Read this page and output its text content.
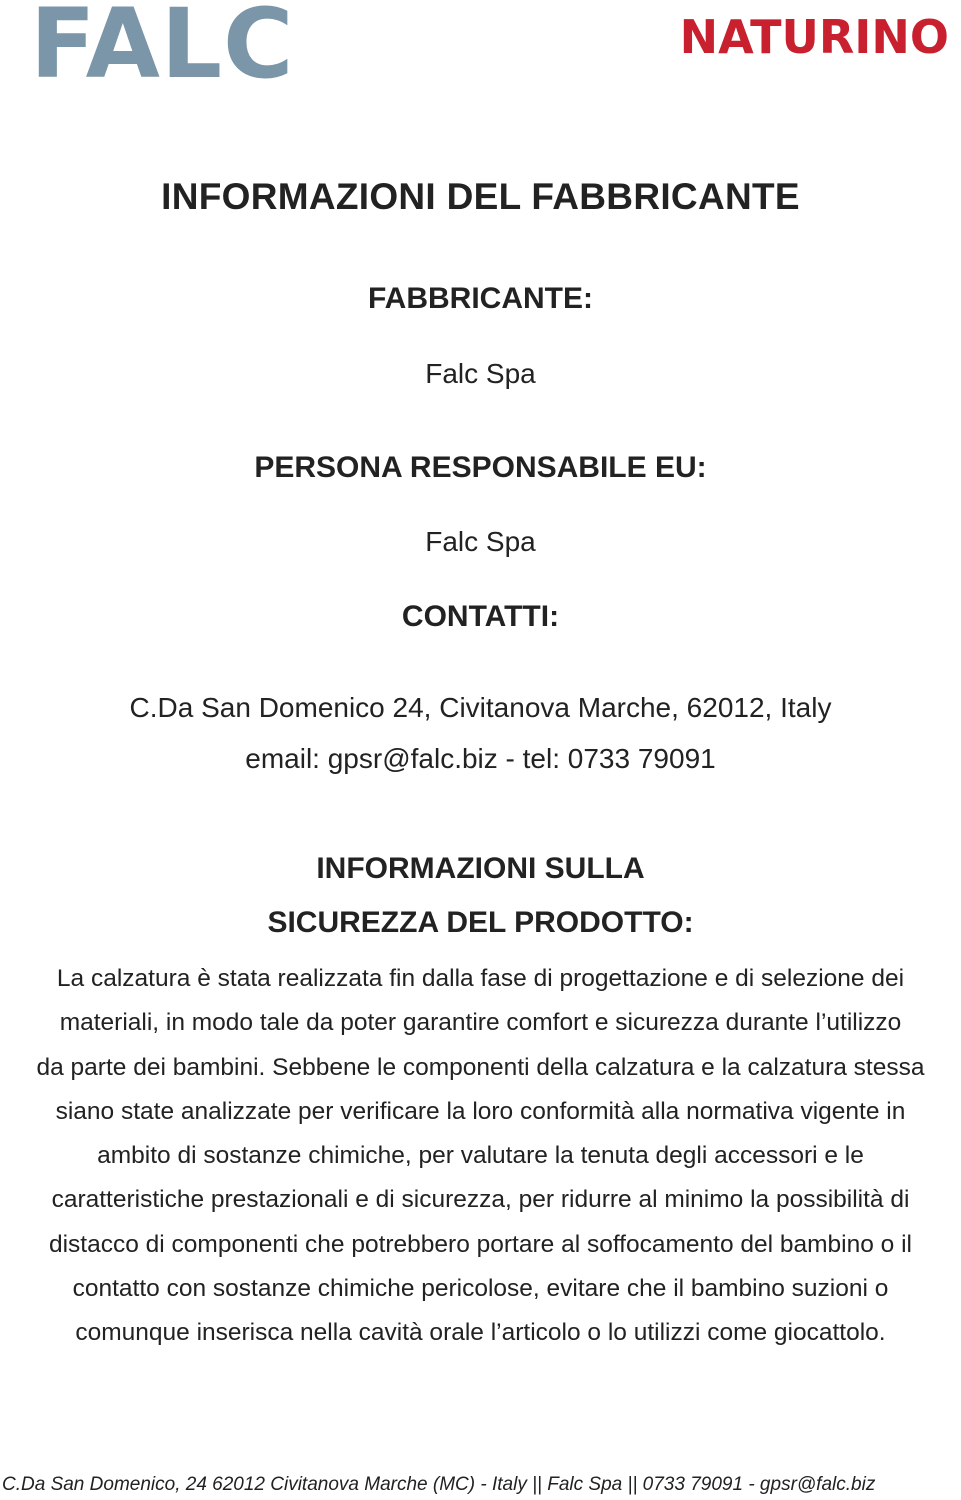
FALC	NATURINO
INFORMAZIONI DEL FABBRICANTE
FABBRICANTE:
Falc Spa
PERSONA RESPONSABILE EU:
Falc Spa
CONTATTI:
C.Da San Domenico 24, Civitanova Marche, 62012, Italy
email: gpsr@falc.biz - tel: 0733 79091
INFORMAZIONI SULLA
SICUREZZA DEL PRODOTTO:
La calzatura è stata realizzata fin dalla fase di progettazione e di selezione dei
materiali, in modo tale da poter garantire comfort e sicurezza durante l’utilizzo
da parte dei bambini. Sebbene le componenti della calzatura e la calzatura stessa
siano state analizzate per verificare la loro conformità alla normativa vigente in
ambito di sostanze chimiche, per valutare la tenuta degli accessori e le
caratteristiche prestazionali e di sicurezza, per ridurre al minimo la possibilità di
distacco di componenti che potrebbero portare al soffocamento del bambino o il
contatto con sostanze chimiche pericolose, evitare che il bambino suzioni o
comunque inserisca nella cavità orale l’articolo o lo utilizzi come giocattolo.
C.Da San Domenico, 24 62012 Civitanova Marche (MC) - Italy || Falc Spa || 0733 79091 - gpsr@falc.biz
